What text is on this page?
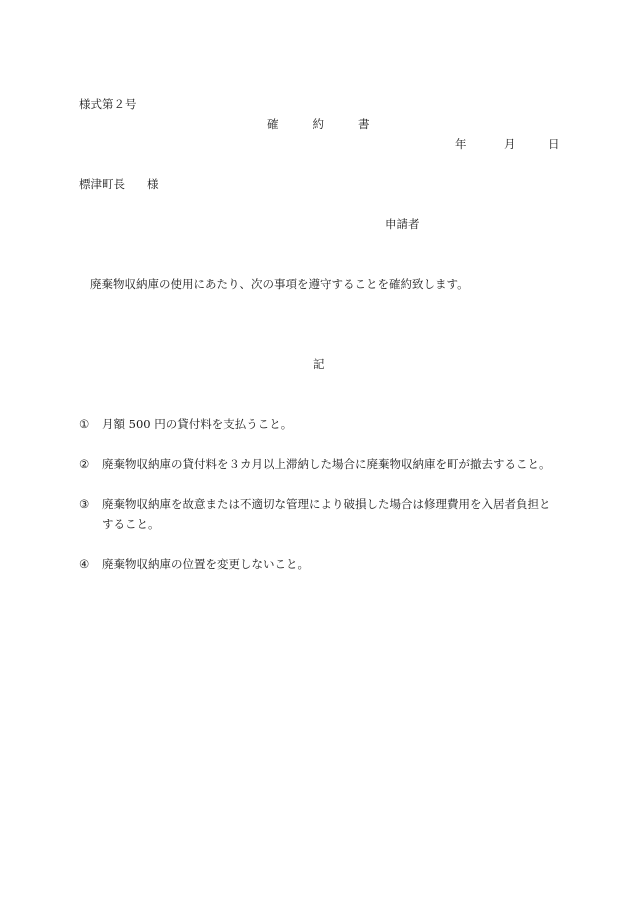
様式第２号
確	約	書
年	月	日
標津町長 様
申請者
廃棄物収納庫の使用にあたり、次の事項を遵守することを確約致します。
記
① 月額 500 円の貸付料を支払うこと。
② 廃棄物収納庫の貸付料を３カ月以上滞納した場合に廃棄物収納庫を町が撤去すること。
③ 廃棄物収納庫を故意または不適切な管理により破損した場合は修理費用を入居者負担と
すること。
④ 廃棄物収納庫の位置を変更しないこと。
